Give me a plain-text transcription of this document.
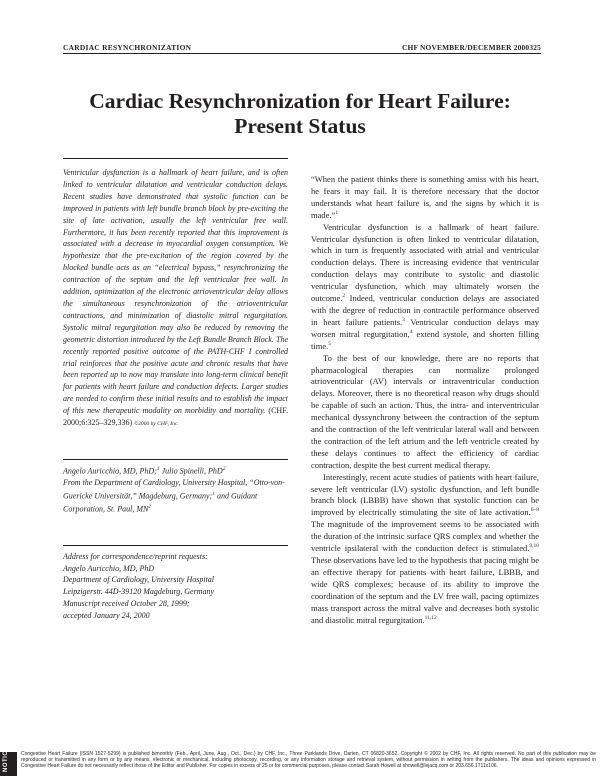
CARDIAC RESYNCHRONIZATION	CHF NOVEMBER/DECEMBER 2000 325
Cardiac Resynchronization for Heart Failure:
Present Status
Ventricular dysfunction is a hallmark of heart failure, and is often linked to ventricular dilatation and ventricular conduction delays. Recent studies have demonstrated that systolic function can be improved in patients with left bundle branch block by pre-exciting the site of late activation, usually the left ventricular free wall. Furthermore, it has been recently reported that this improvement is associated with a decrease in myocardial oxygen consumption. We hypothesize that the pre-excitation of the region covered by the blocked bundle acts as an “electrical bypass,” resynchronizing the contraction of the septum and the left ventricular free wall. In addition, optimization of the electronic atrioventricular delay allows the simultaneous resynchronization of the atrioventricular contractions, and minimization of diastolic mitral regurgitation. Systolic mitral regurgitation may also be reduced by removing the geometric distortion introduced by the Left Bundle Branch Block. The recently reported positive outcome of the PATH-CHF I controlled trial reinforces that the positive acute and chronic results that have been reported up to now may translate into long-term clinical benefit for patients with heart failure and conduction defects. Larger studies are needed to confirm these initial results and to establish the impact of this new therapeutic modality on morbidity and mortality. (CHF. 2000;6:325–329,336) ©2000 by CHF, Inc.
Angelo Auricchio, MD, PhD;$^1$ Julio Spinelli, PhD$^2$
From the Department of Cardiology, University Hospital, “Otto-von-Guericke Universität,” Magdeburg, Germany;$^1$ and Guidant Corporation, St. Paul, $MN^2$
Address for correspondence/reprint requests:
Angelo Auricchio, MD, PhD
Department of Cardiology, University Hospital
Leipzigerstr. 44D-39120 Magdeburg, Germany
Manuscript received October 28, 1999;
accepted January 24, 2000

“When the patient thinks there is something amiss with his heart, he fears it may fail. It is therefore necessary that the doctor understands what heart failure is, and the signs by which it is made.”$^1$

Ventricular dysfunction is a hallmark of heart failure. Ventricular dysfunction is often linked to ventricular dilatation, which in turn is frequently associated with atrial and ventricular conduction delays. There is increasing evidence that ventricular conduction delays may contribute to systolic and diastolic ventricular dysfunction, which may ultimately worsen the outcome.$^2$ Indeed, ventricular conduction delays are associated with the degree of reduction in contractile performance observed in heart failure patients.$^3$ Ventricular conduction delays may worsen mitral regurgitation,$^4$ extend systole, and shorten filling time.$^5$

To the best of our knowledge, there are no reports that pharmacological therapies can normalize prolonged atrioventricular (AV) intervals or intraventricular conduction delays. Moreover, there is no theoretical reason why drugs should be capable of such an action. Thus, the intra- and interventricular mechanical dyssynchrony between the contraction of the septum and the contraction of the left ventricular lateral wall and between the contraction of the left atrium and the left ventricle created by these delays continues to affect the efficiency of cardiac contraction, despite the best current medical therapy.

Interestingly, recent acute studies of patients with heart failure, severe left ventricular (LV) systolic dysfunction, and left bundle branch block (LBBB) have shown that systolic function can be improved by electrically stimulating the site of late activation.$^{6-8}$ The magnitude of the improvement seems to be associated with the duration of the intrinsic surface QRS complex and whether the ventricle ipsilateral with the conduction defect is stimulated.$^{9,10}$ These observations have led to the hypothesis that pacing might be an effective therapy for patients with heart failure, LBBB, and wide QRS complexes; because of its ability to improve the coordination of the septum and the LV free wall, pacing optimizes mass transport across the mitral valve and decreases both systolic and diastolic mitral regurgitation.$^{11,12}$

NOTICE Congestive Heart Failure (ISSN 1527-5299) is published bimonthly (Feb., April, June, Aug., Oct., Dec.) by CHF, Inc., Three Parklands Drive, Darien, CT 06820-3652. Copyright © 2002 by CHF, Inc. All rights reserved. No part of this publication may be reproduced or transmitted in any form or by any means, electronic or mechanical, including photocopy, recording, or any information storage and retrieval system, without permission in writing from the publishers. The ideas and opinions expressed in Congestive Heart Failure do not necessarily reflect those of the Editor and Publisher. For copies in excess of 25 or for commercial purposes, please contact Sarah Howell at showell@lejacq.com or 203.656.1711x106.
